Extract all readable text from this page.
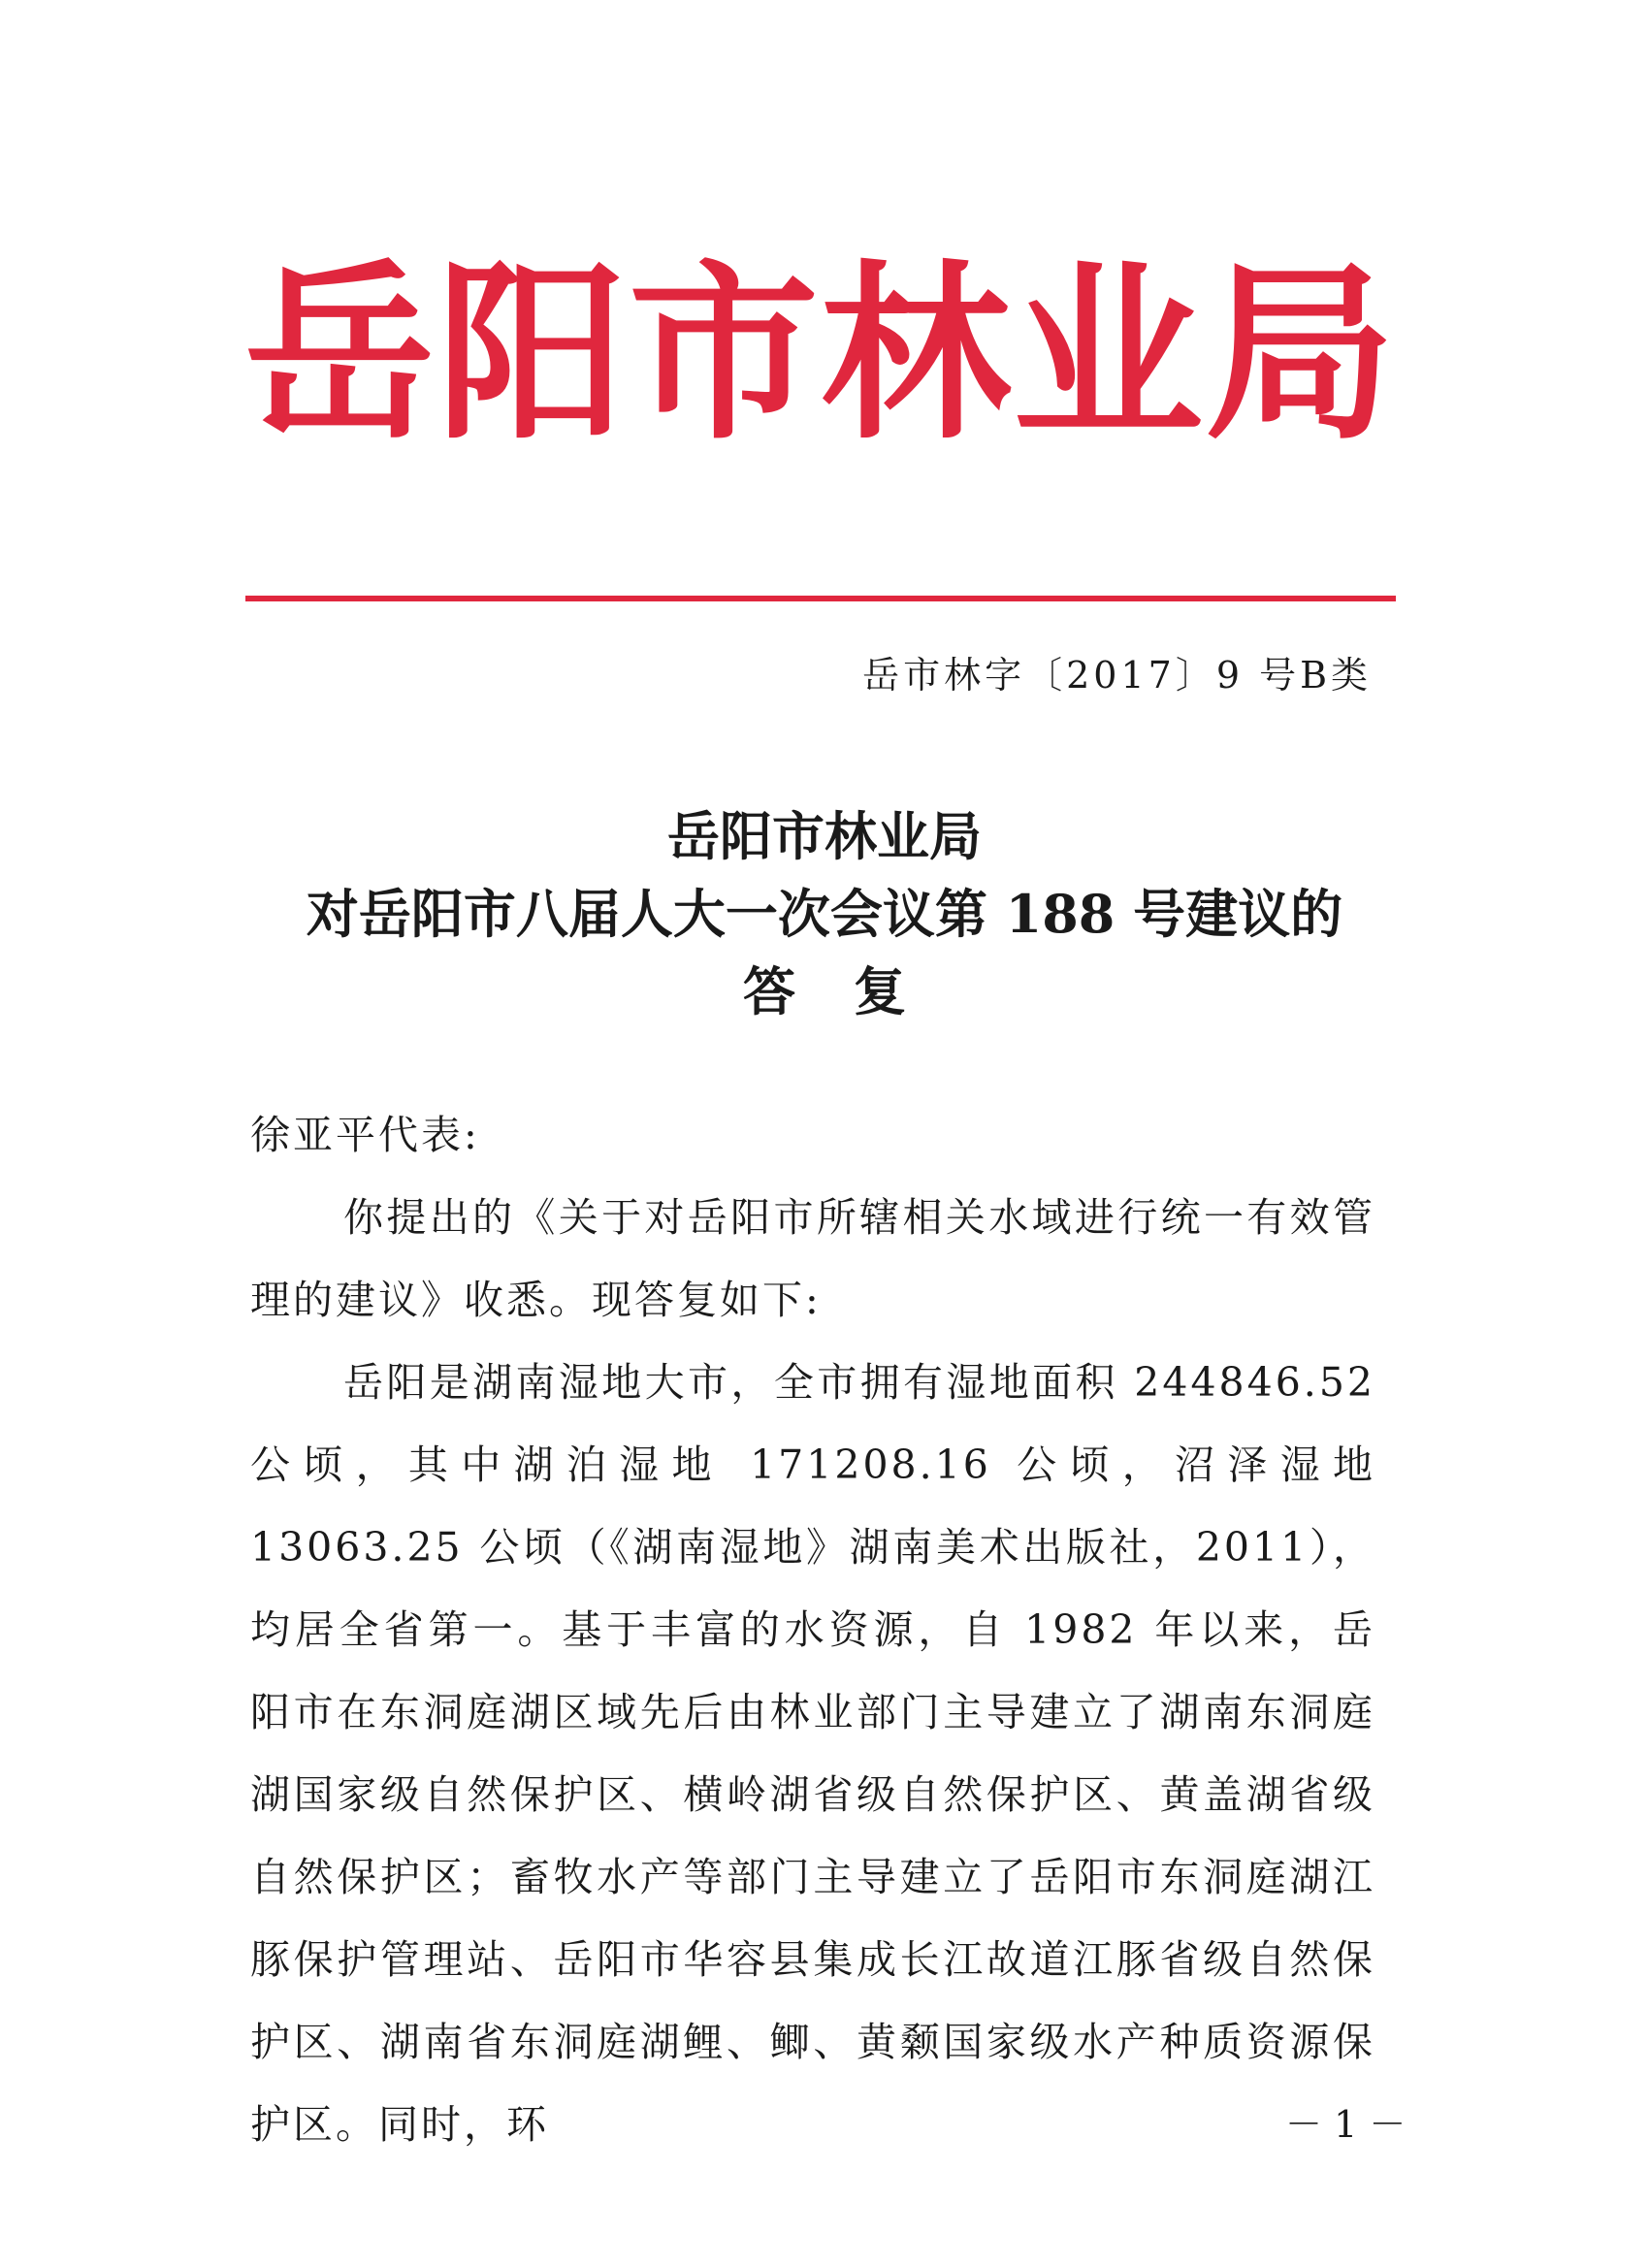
岳阳市林业局
岳市林字〔2017〕9 号B类
岳阳市林业局
对岳阳市八届人大一次会议第 188 号建议的
答复

徐亚平代表:

你提出的《关于对岳阳市所辖相关水域进行统一有效管理的建议》收悉。现答复如下:

岳阳是湖南湿地大市，全市拥有湿地面积 244846.52 公顷，其中湖泊湿地 171208.16 公顷，沼泽湿地 13063.25 公顷（《湖南湿地》湖南美术出版社，2011），均居全省第一。基于丰富的水资源，自 1982 年以来，岳阳市在东洞庭湖区域先后由林业部门主导建立了湖南东洞庭湖国家级自然保护区、横岭湖省级自然保护区、黄盖湖省级自然保护区；畜牧水产等部门主导建立了岳阳市东洞庭湖江豚保护管理站、岳阳市华容县集成长江故道江豚省级自然保护区、湖南省东洞庭湖鲤、鲫、黄颡国家级水产种质资源保护区。同时，环	－ 1 －
